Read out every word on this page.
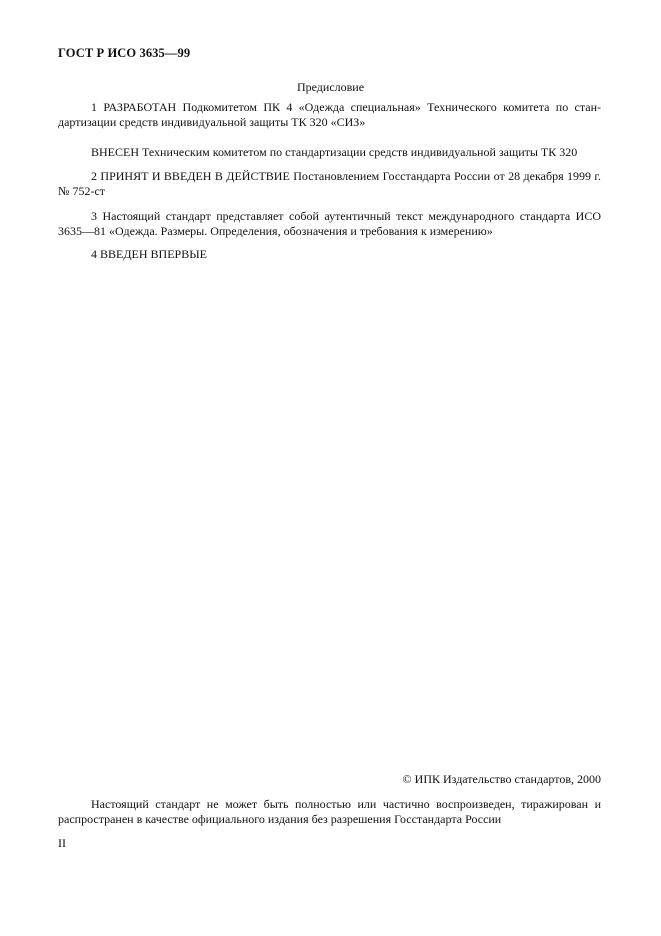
ГОСТ Р ИСО 3635—99
Предисловие

1 РАЗРАБОТАН Подкомитетом ПК 4 «Одежда специальная» Технического комитета по стан-дартизации средств индивидуальной защиты ТК 320 «СИЗ»

ВНЕСЕН Техническим комитетом по стандартизации средств индивидуальной защиты ТК 320

2 ПРИНЯТ И ВВЕДЕН В ДЕЙСТВИЕ Постановлением Госстандарта России от 28 декабря 1999 г. № 752-ст

3 Настоящий стандарт представляет собой аутентичный текст международного стандарта ИСО 3635—81 «Одежда. Размеры. Определения, обозначения и требования к измерению»

4 ВВЕДЕН ВПЕРВЫЕ

© ИПК Издательство стандартов, 2000

Настоящий стандарт не может быть полностью или частично воспроизведен, тиражирован и распространен в качестве официального издания без разрешения Госстандарта России

II
